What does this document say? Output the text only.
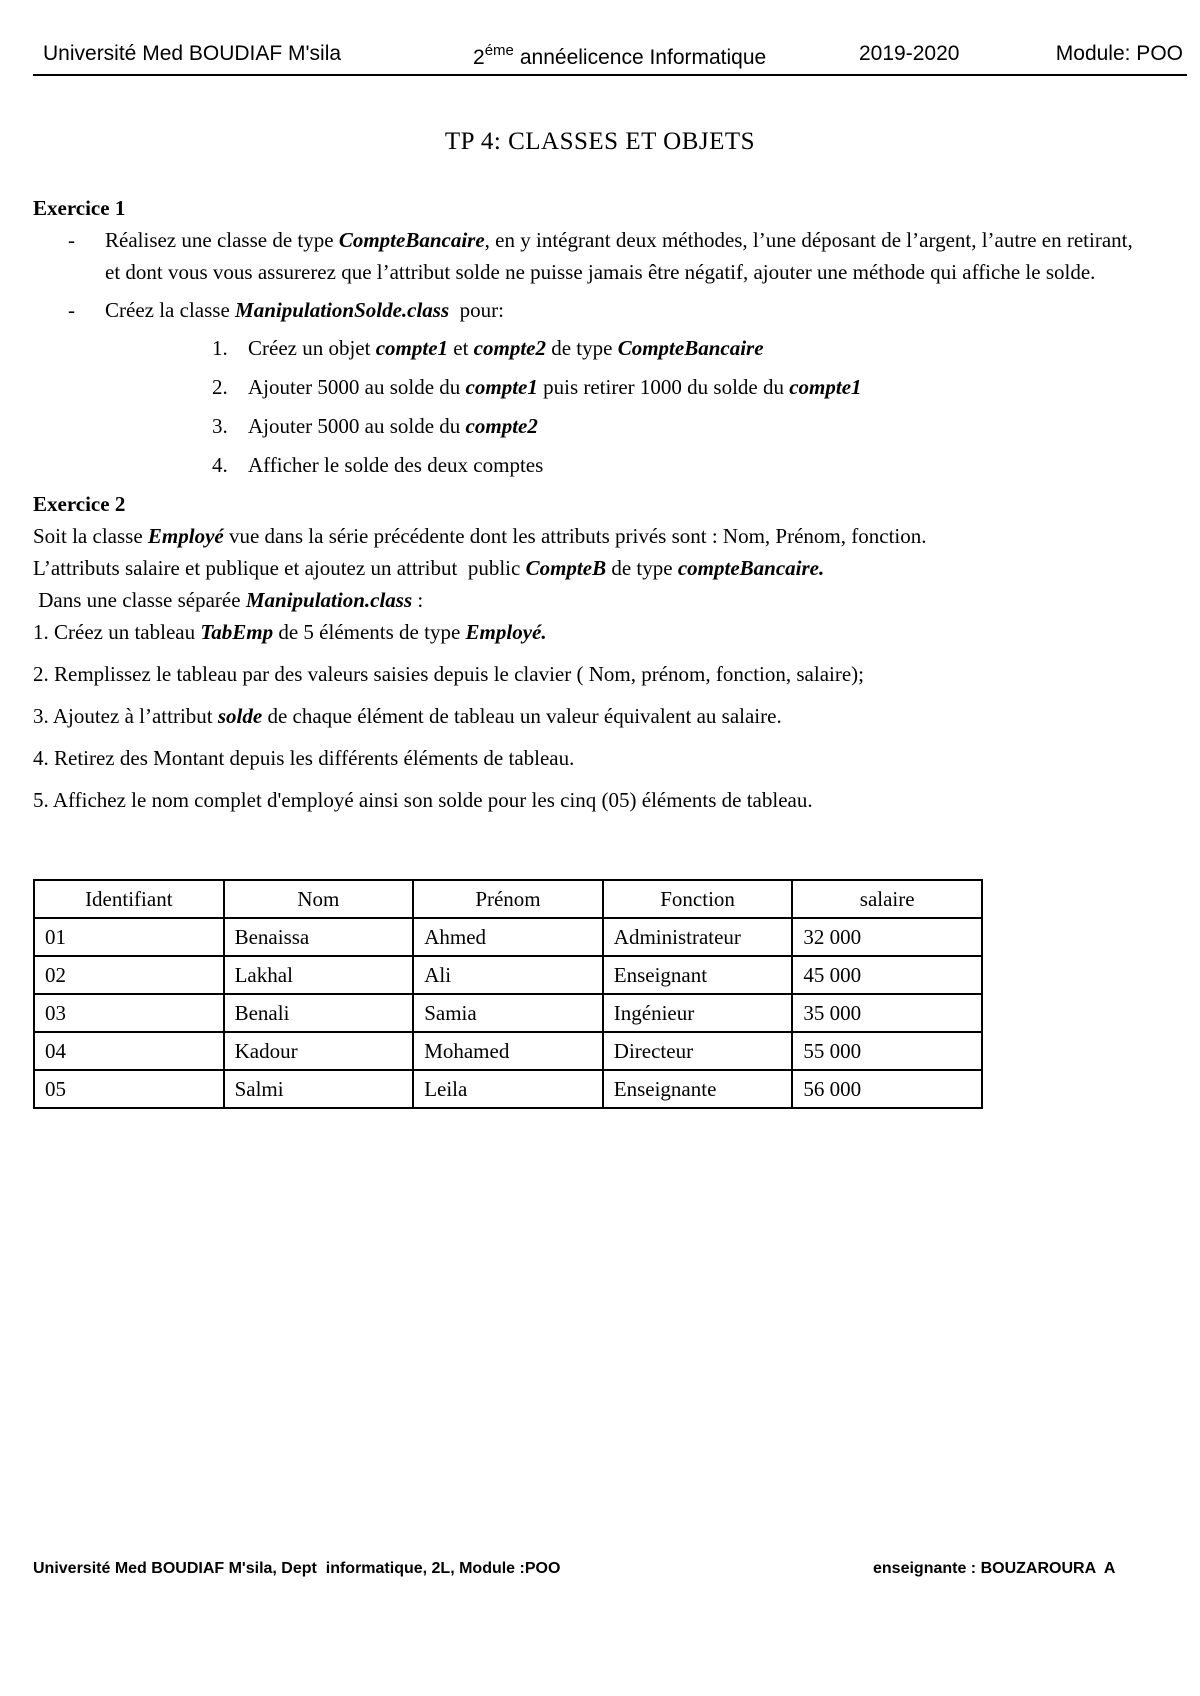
Université Med BOUDIAF M'sila	$2^{éme}$ annéelicence Informatique	2019-2020	Module: POO
TP 4: CLASSES ET OBJETS

Exercice 1

- Réalisez une classe de type CompteBancaire, en y intégrant deux méthodes, l’une déposant de l’argent, l’autre en retirant, et dont vous vous assurerez que l’attribut solde ne puisse jamais être négatif, ajouter une méthode qui affiche le solde.
- Créez la classe ManipulationSolde.class  pour:
1. Créez un objet compte1 et compte2 de type CompteBancaire
2. Ajouter 5000 au solde du compte1 puis retirer 1000 du solde du compte1
3. Ajouter 5000 au solde du compte2
4. Afficher le solde des deux comptes

Exercice 2

Soit la classe Employé vue dans la série précédente dont les attributs privés sont : Nom, Prénom, fonction.

L’attributs salaire et publique et ajoutez un attribut  public CompteB de type compteBancaire.

Dans une classe séparée Manipulation.class :

1. Créez un tableau TabEmp de 5 éléments de type Employé.

2. Remplissez le tableau par des valeurs saisies depuis le clavier ( Nom, prénom, fonction, salaire);

3. Ajoutez à l’attribut solde de chaque élément de tableau un valeur équivalent au salaire.

4. Retirez des Montant depuis les différents éléments de tableau.

5. Affichez le nom complet d'employé ainsi son solde pour les cinq (05) éléments de tableau.

Identifiant	Nom	Prénom	Fonction	salaire
01	Benaissa	Ahmed	Administrateur	32 000
02	Lakhal	Ali	Enseignant	45 000
03	Benali	Samia	Ingénieur	35 000
04	Kadour	Mohamed	Directeur	55 000
05	Salmi	Leila	Enseignante	56 000
Université Med BOUDIAF M'sila, Dept  informatique, 2L, Module :POO	enseignante : BOUZAROURA  A
